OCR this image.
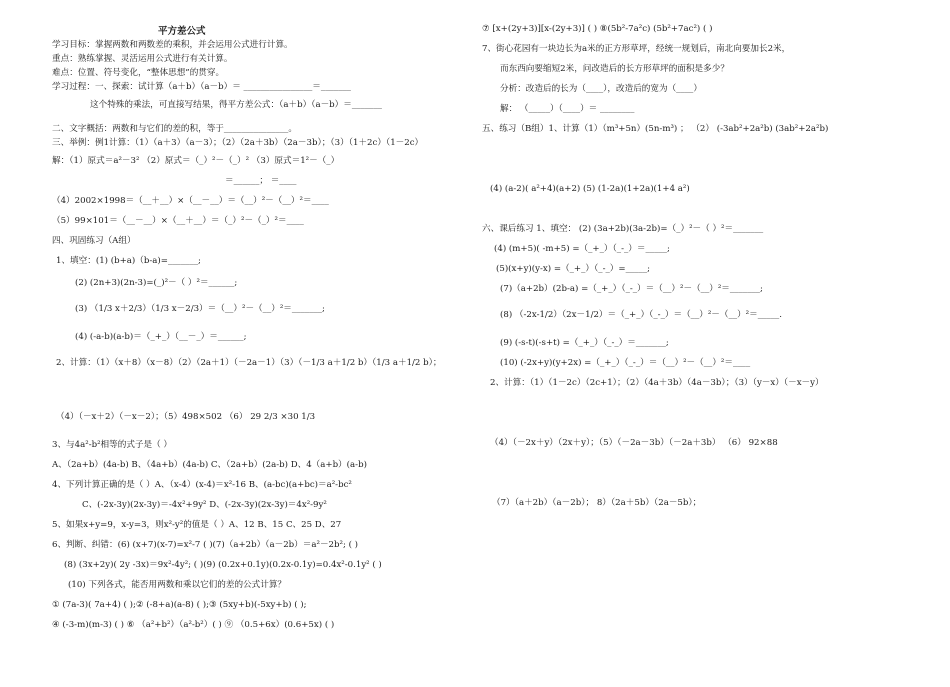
平方差公式
学习目标：掌握两数和两数差的乘积，并会运用公式进行计算。
重点：熟练掌握、灵活运用公式进行有关计算。
难点：位置、符号变化，“整体思想”的贯穿。
学习过程：一、探索：试计算（a＋b）（a－b）＝ ________________＝_______
这个特殊的乘法，可直接写结果，得平方差公式：（a＋b）（a－b）＝_______
二、文字概括：两数和与它们的差的积，等于_______________。
三、举例：例1计算：（1）（a＋3）（a－3）；（2）（2a＋3b）（2a－3b）；（3）（1＋2c）（1－2c）
解：（1）原式＝a²－3² （2）原式＝（_）²－（_）² （3）原式＝1²－（_）
＝______； ＝____
（4）2002×1998＝（__＋__）×（__－__）＝（__）²－（__）²＝____
（5）99×101＝（__－__）×（__＋__）＝（_）²－（_）²＝____
四、巩固练习（A组）
1、填空：(1) (b+a)（b-a)=_______;
(2) (2n+3)(2n-3)=(_)²－（ ）²＝______;
(3) （1/3 x＋2/3）（1/3 x－2/3）＝（__）²－（__）²＝_______;
(4) (-a-b)(a-b)＝（_+_）（__－_）＝______;
2、计算：（1）（x＋8）（x－8）（2）（2a＋1）（－2a－1）（3）（－1/3 a＋1/2 b）（1/3 a＋1/2 b）；
（4）（－x＋2）（－x－2）；（5）498×502 （6） 29 2/3 ×30 1/3
3、与4a²-b²相等的式子是（ ）
A、（2a+b）(4a-b) B、（4a+b）(4a-b) C、（2a+b）(2a-b) D、4（a+b）(a-b)
4、下列计算正确的是（ ）A、（x-4）(x-4)＝x²-16 B、(a-bc)(a+bc)＝a²-bc²
C、(-2x-3y)(2x-3y)＝-4x²+9y² D、(-2x-3y)(2x-3y)＝4x²-9y²
5、如果x+y=9，x-y=3，则x²-y²的值是（ ）A、12 B、15 C、25 D、27
6、判断、纠错：(6) (x+7)(x-7)=x²-7 ( )(7)（a+2b）（a－2b）＝a²－2b²; ( )
(8) (3x+2y)( 2y -3x)＝9x²-4y²; ( )(9) (0.2x+0.1y)(0.2x-0.1y)=0.4x²-0.1y² ( )
(10) 下列各式，能否用两数和乘以它们的差的公式计算？
① (7a-3)( 7a+4) ( );② (-8+a)(a-8) ( );③ (5xy+b)(-5xy+b) ( );
④ (-3-m)(m-3) ( ) ⑥ （a²+b²）（a²-b²）( ) ⑨ （0.5+6x）(0.6+5x) ( )
⑦ [x+(2y+3)][x-(2y+3)] ( ) ⑧(5b²-7a²c) (5b²+7ac²) ( )
7、街心花园有一块边长为a米的正方形草坪，经统一规划后，南北向要加长2米，
而东西向要缩短2米，问改造后的长方形草坪的面积是多少？
分析：改造后的长为（____），改造后的宽为（____）
解： （_____）（____）＝ ________
五、练习（B组）1、计算（1）（m³+5n）(5n-m³) ； （2） (-3ab²+2a²b) (3ab²+2a²b)
(4) (a-2)( a²+4)(a+2) (5) (1-2a)(1+2a)(1+4 a²)
六、课后练习 1、填空： (2) (3a+2b)(3a-2b)=（_）²－（ ）²＝_______
(4) (m+5)( -m+5) =（_+_）（_-_）＝_____;
(5)(x+y)(y-x) =（_+_）（_-_）=_____;
(7)（a+2b）(2b-a) =（_+_）（_-_）＝（__）²－（__）²＝_______;
(8) （-2x-1/2）（2x－1/2）＝（_+_）（_-_）＝（__）²－（__）²＝_____.
(9) (-s-t)(-s+t) =（_+_）（_-_）＝_______;
(10) (-2x+y)(y+2x) =（_+_）（_-_）＝（__）²－（__）²＝____
2、计算：（1）（1－2c）（2c+1）；（2）（4a＋3b）（4a－3b）；（3）（y－x）（－x－y）
（4）（－2x＋y）（2x＋y）；（5）（－2a－3b）（－2a＋3b） （6） 92×88
（7）（a＋2b）（a－2b）； 8）（2a＋5b）（2a－5b）；
